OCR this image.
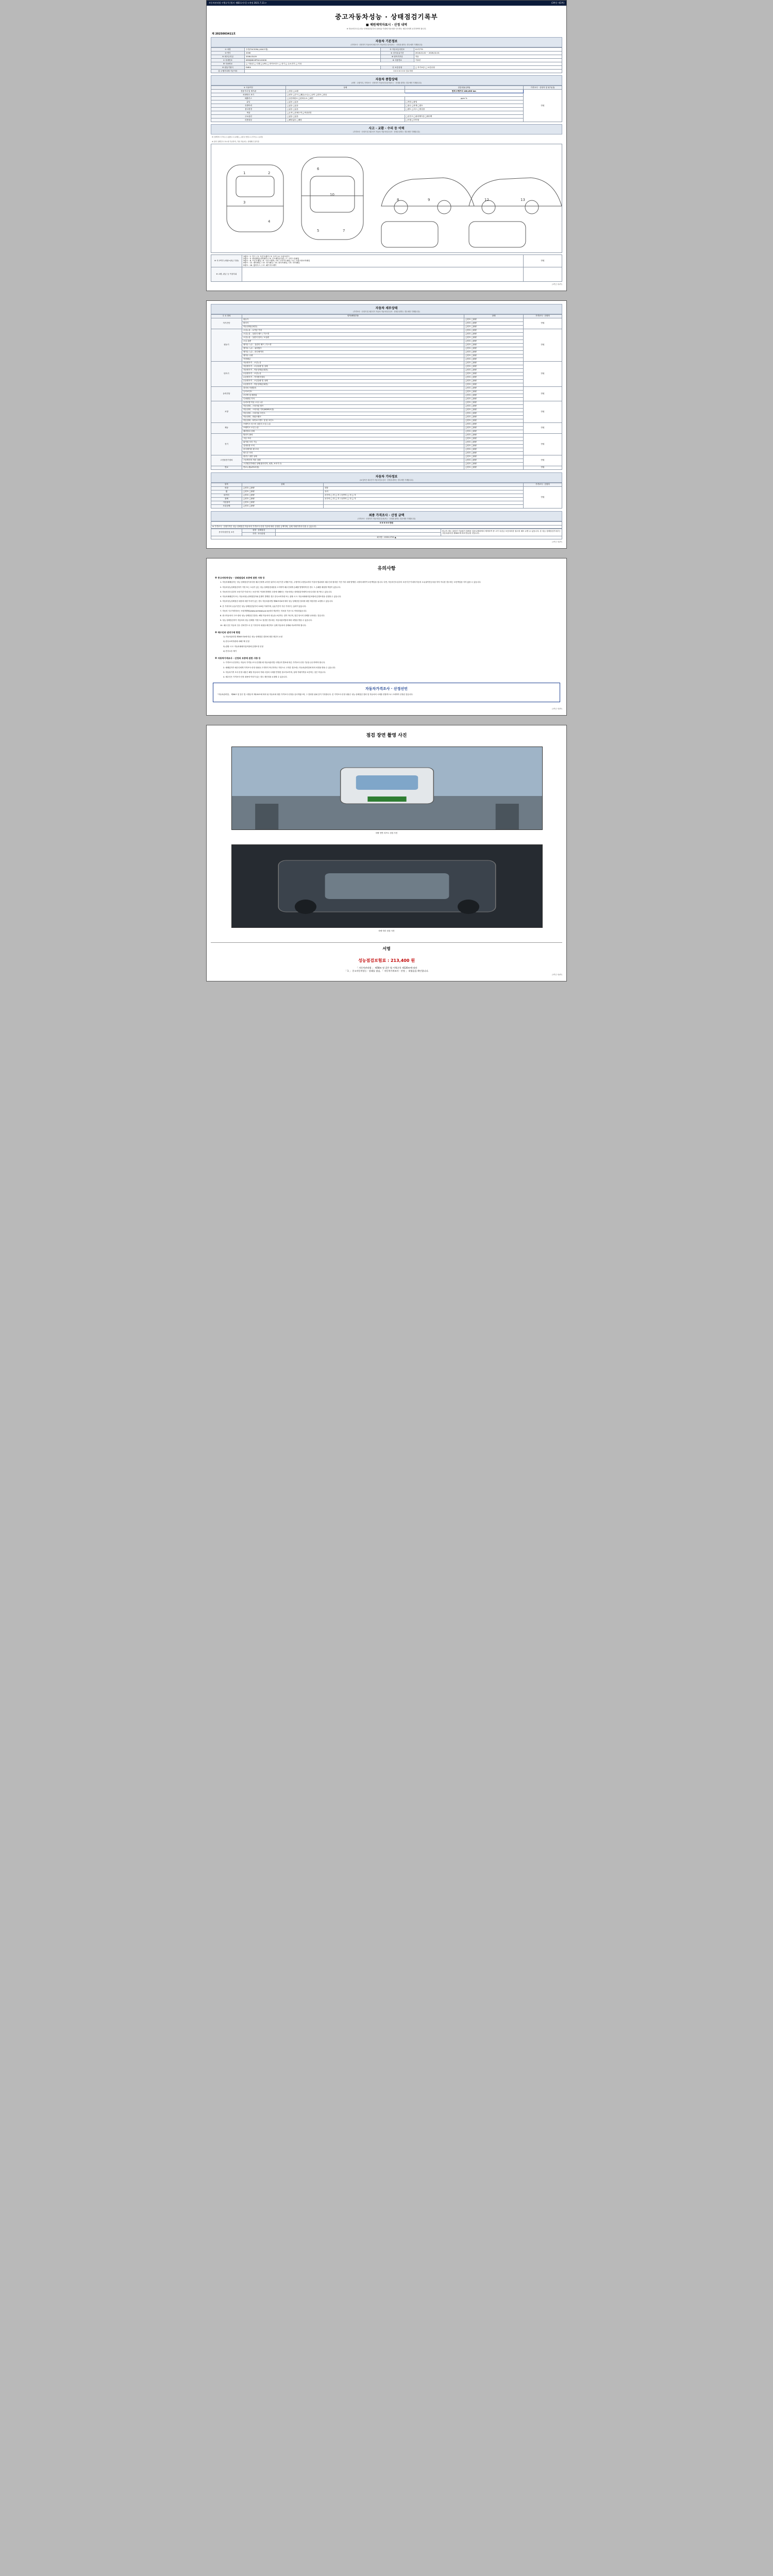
자동차관리법 시행규칙 [별지 제82호서식] <개정 2021.7.13.>	(3쪽중 제1쪽)
중고자동차성능 · 상태점검기록부
■ 제원제작자표시 · 산정 내역
※ 자동차인도일 (성능·상태점검일부터 120일) 이내에 자동차를 인도받는 매수인에게 교부하여야 합니다.
제 2025003411호
자동차 기본정보
(가격조사 · 산정자가 자동차에 매수인이 자동차인수증서(또는 · 산정을 완하는 경우에만 기재합니다)
① 차명	투싼(TUCSON) (4X4모델)	② 자동차등록번호	01저779
③ 연식	2006	④ 검사유효기간	2018-02-02 ~ 2026-02-01
⑤ 최초등록일	2006-03-09	⑥ 변속기종류	자동
⑦ 차대번호	KMHJN81HPSU142406	⑧ 사용연료	가솔린
⑨ 사용연료	□ 가솔린 □ 디젤 □ LPG □ 하이브리드 □ 전기 □ 수소전기 □ 기타		
⑩ 원동기형식	D4EA	⑪ 보증유형	□ 자가보증 □ 보증유형
⑫ 주행거리계 기준거리	0 0 0 0 0 0 0 킬로미터		
자동차 종합상태
(차명 · 주행거리, 가격조사 · 산정자가 자동차인수증서(또는 · 산정을 완하는 경우에만 기재합니다)
① 사용여부	상태	점검내용(상태)	가격조사 · 산정자 및 평가(점)
전용거리 및 계기판	□정상 □교환	현재 주행거리 160,603 km	만원
차대번호 표기	□양호 □부식 □훼손(오손) □상이 □변조 □타공		
배출가스	□일산화탄소 □탄화수소 □매연	ppm %	
튜닝	□없음 □있음	□적법 □불법	
특별이력	□없음 □있음	□침수 □화재 □덴트	
용도변경	□없음 □있음	□렌트 □리스 □영업용	
색상	□무색 □전체도색 □색상변경		
주요옵션	□없음 □있음	□선루프 □내비게이션 □에어백	
리콜대상	□해당없음 □해당	□이행 □미이행	
사고 · 교환 · 수리 등 이력
(가격조사 · 산정자 및 매수인이 자동차 자동차인수증서 · 산정을 완하는 경우에만 기재합니다)
※ (상태표시 부호) ○ (없음) × (교환) △ (판금·용접) ▽ (부식) ▷ (긁힘)
※ 위의 상태부호 표시에 기준하여, 기타 자동차는 상태확인 불가함
1
3
2
4
6
10
5	7
8	9	12	13
※ 사고여부 (외판+판금 부품)	1랭크 : 1. 후드 / 2. 프론트팬더 / 3. 도어 / 4. 트렁크리드
2랭크 : 5. 쿼터패널(리어펜더) / 6. 루프패널(지붕) / 7. 사이드실패널
3랭크 : 8. 프론트패널 / 9. 크로스멤버 / 10. 인사이드패널 / 11. 트렁크플로어패널
4랭크 : 12. 필러패널 / 13. 대시패널 / 14. 플로어패널 / 15. 리어패널
5랭크 : 16. 휠하우스 / 17. 패키지트레이	만원
※ 교환, 판금 등 이상부위		
(3쪽중 제1쪽)
자동차 세부상태
(가격조사 · 산정자 및 매수인이 자동차 자동차인수증서 · 산정을 완하는 경우에만 기재합니다)
주 요 장치	항목/해당부품	상태	가격조사 · 산정자
자기진단	원동기	□양호 □불량	만원
	변속기	□양호 □불량	
	작동상태(공회전)	□양호 □불량	
원동기	오일누유 - 로커암 커버	□양호 □불량	만원
	오일누유 - 실린더 헤드 / 가스켓	□양호 □불량	
	오일누유 - 실린더 블록 / 오일팬	□양호 □불량	
	오일 유량	□양호 □불량	
	냉각수 누수 - 실린더 헤드 / 가스켓	□양호 □불량	
	냉각수 누수 - 워터펌프	□양호 □불량	
	냉각수 누수 - 라디에이터	□양호 □불량	
	냉각수 수량	□양호 □불량	
	커먼레일	□양호 □불량	
변속기	자동변속기 - 오일누유	□양호 □불량	만원
	자동변속기 - 오일유량 및 상태	□양호 □불량	
	자동변속기 - 작동상태(공회전)	□양호 □불량	
	수동변속기 - 오일누유	□양호 □불량	
	수동변속기 - 기어변속장치	□양호 □불량	
	수동변속기 - 오일유량 및 상태	□양호 □불량	
	수동변속기 - 작동상태(공회전)	□양호 □불량	
동력전달	클러치 어셈블리	□양호 □불량	만원
	등속조인트	□양호 □불량	
	추진축 및 베어링	□양호 □불량	
	디퍼렌셜 기어	□양호 □불량	
조향	동력조향 작동 오일 누유	□양호 □불량	만원
	작동상태 - 스티어링 펌프	□양호 □불량	
	작동상태 - 스티어링 기어(MDPS포함)	□양호 □불량	
	작동상태 - 스티어링 조인트	□양호 □불량	
	작동상태 - 파워크랭크	□양호 □불량	
	작동상태 - 타이로드엔드 및 볼 조인트	□양호 □불량	
제동	브레이크 마스터 실린더 오일 누유	□양호 □불량	만원
	브레이크 오일 누유	□양호 □불량	
	배력장치 상태	□양호 □불량	
전기	발전기 출력	□양호 □불량	만원
	시동 모터	□양호 □불량	
	와이퍼 모터 기능	□양호 □불량	
	실내송풍 모터	□양호 □불량	
	라디에이터 팬 모터	□양호 □불량	
	윈도우 모터	□양호 □불량	
고전원전기장치	충전구 절연 상태	□양호 □불량	만원
	구동축전지 격리 상태	□양호 □불량	
	고전원전기배선 상태(접속단자, 피복, 보호기구)	□양호 □불량	
연료	연료누출(LPG포함)	□양호 □불량	만원
자동차 기타정보
(※ 항목은 매수인이 자동차인수증서 · 산정을 완하는 경우에만 기재합니다)
항목	상태		가격조사 · 산정자
외장	□양호 □불량	내장	만원
휠	□양호 □불량	유리	
타이어	□양호 □불량	운전석 □ 전 □ 후 / 동반석 □ 전 □ 후	
광택	□양호 □불량	운전석 □ 전 □ 후 / 동반석 □ 전 □ 후	
기본품목	□양호 □불량		
보유상태	□양호 □불량		
최종 가격조사 · 산정 금액
(가격조사 · 산정자가 자동차인수증서(또는 · 산정을 완하는 경우에만 기재합니다)
0 0 0 0 0 만원
※ 가격조사 · 산정가격은 성능·상태점검 자동차의 가격조사·산정 기준에 따라 산정한 금액이며, 실제 거래가격과 다를 수 있습니다.
종사자성명 및 소속	성명 · 상태점검		비금속 정도 알려진 기술평가 복합증 검증나제처에서 제자의여 중 고가 특검금 보증처리한 권국의 메모 수별 수 있습니다. 본 성능·상태점검기록부는 자동차관리법 제58조에 따라 발급된 것입니다.
	가격 · 조사산정		
회사명 : 1533-2720 ▲			
(3쪽중 제2쪽)
유의사항
※ 중고자동차성능 · 상태점검의 보증에 관한 사항 등

1. 자동차매매업자는 성능·상태점검기록부를 매수인에게 교부한 날부터 보증기간 1개월 이상, 주행거리 2천킬로미터 이상의 범위에서 매수인과 합의한 기간·거리 내에 발생한 고장에 대하여 보증책임을 집니다. 다만, 자동차인도일부터 보증기간 이내에 자동차 소유권이전등록을 하지 아니한 경우에는 보증책임을 지지 않을 수 있습니다.

2. 자동차성능상태점검자가 거짓 또는 오류가 있는 성능·상태점검내용을 고지하여 매수인에게 손해를 발생하게 한 경우 그 손해를 배상할 책임이 있습니다.

3. 자동차인도일부터 보증기간 이내 또는 보증거리 이내에 발생한 고장에 대해서는 자동차성능·상태점검자에게 보증수리를 청구할 수 있습니다.

4. 자동차매매업자 또는 자동차성능상태점검자와 분쟁이 발생한 경우 한국소비자원 또는 관할 시·도 자동차매매사업조합에 분쟁조정을 신청할 수 있습니다.

5. 자동차성능상태점검 내용에 대한 이의가 있는 경우 자동차관리법 제58조의4에 따라 성능·상태점검 결과에 대한 재검사를 요청할 수 있습니다.

6. 본 기록부의 유효기간은 성능·상태점검일부터 120일 이내이며, 유효기간이 지난 기록부는 효력이 없습니다.

7. 자동차 사고이력정보는 보험개발원(www.carhistory.or.kr)에서 제공하는 자료를 기준으로 작성되었습니다.

8. 중고자동차의 구조·장치 성능·상태점검 결과는 해당 자동차의 성능을 보증하는 것이 아니며, 점검 당시의 상태를 나타내는 것입니다.

9. 성능·상태점검자가 자동차의 성능·상태를 거짓으로 점검한 경우에는 자동차관리법에 따라 처벌을 받을 수 있습니다.

10. 매수인은 자동차 인수 전에 반드시 본 기록부의 내용을 확인하고 실제 자동차의 상태와 비교하여야 합니다.

※ 매수인의 권리구제 방법

1) 자동차관리법 제58조의4에 따른 성능·상태점검 결과에 대한 재검사 요청

2) 한국소비자원에 피해구제 신청

3) 관할 시·도 자동차매매사업조합에 분쟁조정 신청

4) 민사소송 제기

※ 자동차가격조사 · 산정의 보증에 관한 사항 등

1. 가격조사·산정자는 자동차 가격을 조사·산정할 때 자동차관리법 시행규칙 별표에 따른 가격조사·산정 기준을 준수하여야 합니다.

2. 매매업자가 매수인에게 가격조사·산정 내용을 고지하지 아니하거나 거짓으로 고지한 경우에는 자동차관리법에 따라 처벌을 받을 수 있습니다.

3. 자동차가격 조사·산정 내용은 해당 자동차의 거래 시점의 시세를 반영한 참고자료이며, 실제 거래가격을 보증하는 것은 아닙니다.

4. 매수인은 가격조사·산정 내용에 이의가 있는 경우 재산정을 요청할 수 있습니다.

자동차가격조사 · 산정선언
「자동차관리법」 제58조 및 같은 법 시행규칙 제120조에 따라 위 자동차에 대한 가격조사·산정을 실시하였으며, 그 결과를 위와 같이 기록합니다. 본 가격조사·산정 내용은 성능·상태점검 결과 및 자동차의 시세를 종합적으로 고려하여 산정된 것입니다.
(3쪽중 제3쪽)
점검 장면 촬영 사진
차량 전면 리프트 점검 사진
차량 하부 점검 사진
서명
성능점검보험료 : 213,400 원
「 자동차관리법 」 제58조 및 같은 법 시행규칙 제120조에 따라
「 1 」 중고자동차성능 · 상태를 점검, 「 자동차가격조사 · 산정 」 하였음을 확인합니다.
(3쪽중 제4쪽)
